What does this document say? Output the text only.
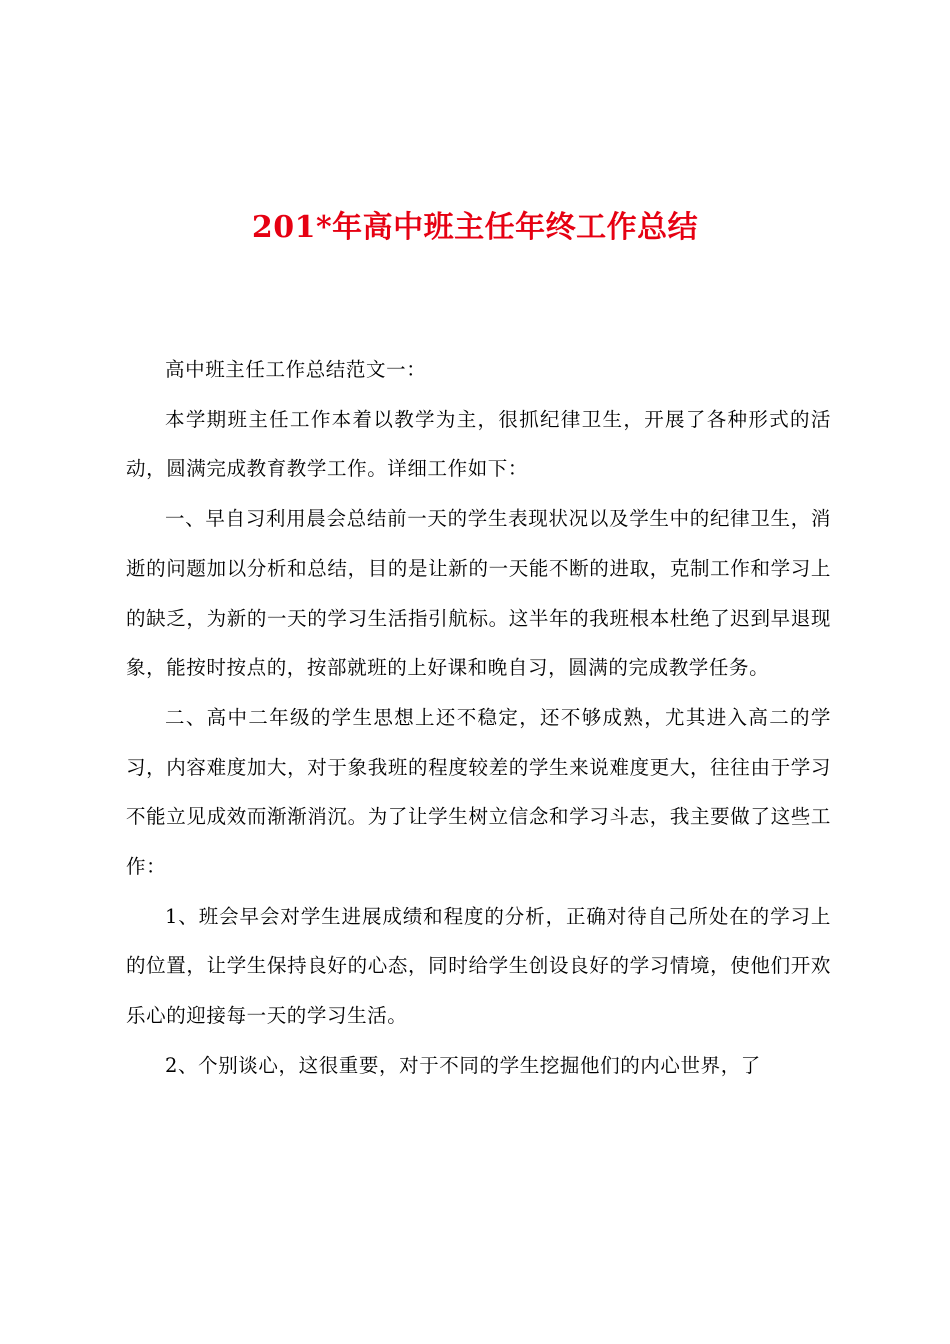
201*年高中班主任年终工作总结

高中班主任工作总结范文一：

本学期班主任工作本着以教学为主，很抓纪律卫生，开展了各种形式的活动，圆满完成教育教学工作。详细工作如下：

一、早自习利用晨会总结前一天的学生表现状况以及学生中的纪律卫生，消逝的问题加以分析和总结，目的是让新的一天能不断的进取，克制工作和学习上的缺乏，为新的一天的学习生活指引航标。这半年的我班根本杜绝了迟到早退现象，能按时按点的，按部就班的上好课和晚自习，圆满的完成教学任务。

二、高中二年级的学生思想上还不稳定，还不够成熟，尤其进入高二的学习，内容难度加大，对于象我班的程度较差的学生来说难度更大，往往由于学习不能立见成效而渐渐消沉。为了让学生树立信念和学习斗志，我主要做了这些工作：

1、班会早会对学生进展成绩和程度的分析，正确对待自己所处在的学习上的位置，让学生保持良好的心态，同时给学生创设良好的学习情境，使他们开欢乐心的迎接每一天的学习生活。

2、个别谈心，这很重要，对于不同的学生挖掘他们的内心世界，了
